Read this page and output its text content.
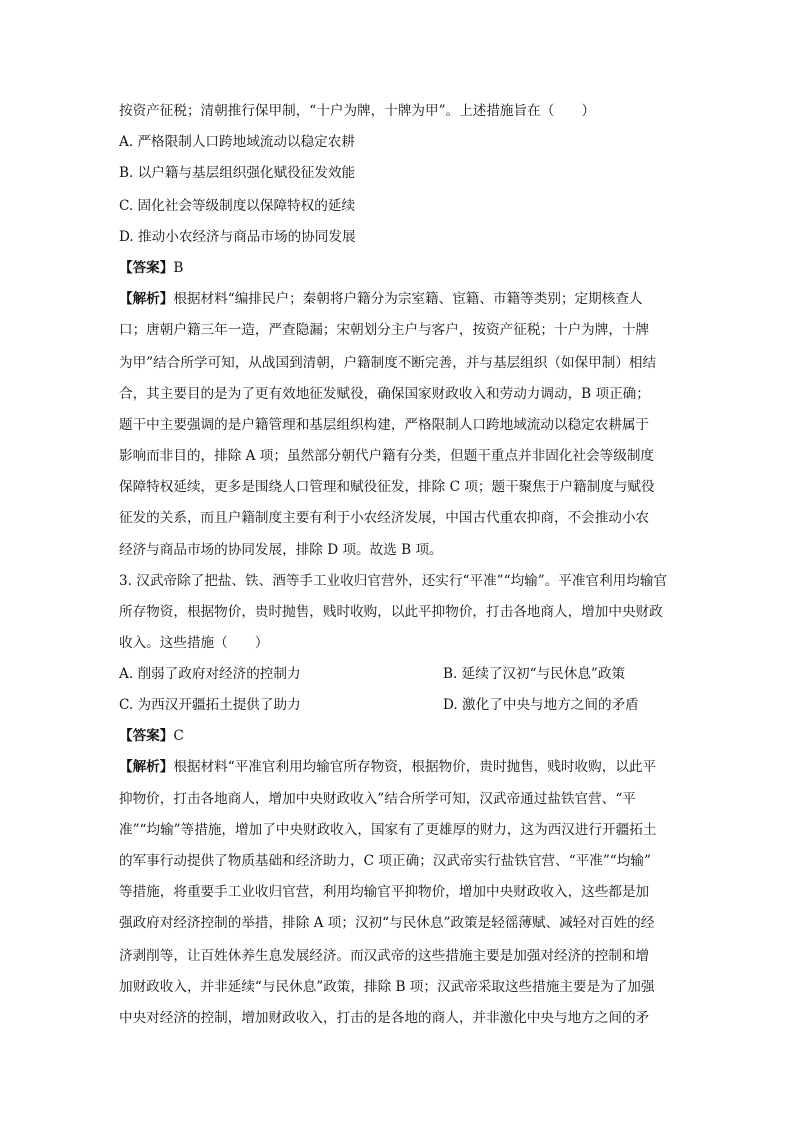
按资产征税；清朝推行保甲制，“十户为牌，十牌为甲”。上述措施旨在（　　）
A. 严格限制人口跨地域流动以稳定农耕
B. 以户籍与基层组织强化赋役征发效能
C. 固化社会等级制度以保障特权的延续
D. 推动小农经济与商品市场的协同发展
【答案】B
【解析】根据材料“编排民户；秦朝将户籍分为宗室籍、宦籍、市籍等类别；定期核查人
口；唐朝户籍三年一造，严查隐漏；宋朝划分主户与客户，按资产征税；十户为牌，十牌
为甲”结合所学可知，从战国到清朝，户籍制度不断完善，并与基层组织（如保甲制）相结
合，其主要目的是为了更有效地征发赋役，确保国家财政收入和劳动力调动，B 项正确；
题干中主要强调的是户籍管理和基层组织构建，严格限制人口跨地域流动以稳定农耕属于
影响而非目的，排除 A 项；虽然部分朝代户籍有分类，但题干重点并非固化社会等级制度
保障特权延续，更多是围绕人口管理和赋役征发，排除 C 项；题干聚焦于户籍制度与赋役
征发的关系，而且户籍制度主要有利于小农经济发展，中国古代重农抑商，不会推动小农
经济与商品市场的协同发展，排除 D 项。故选 B 项。
3. 汉武帝除了把盐、铁、酒等手工业收归官营外，还实行“平准”“均输”。平准官利用均输官
所存物资，根据物价，贵时抛售，贱时收购，以此平抑物价，打击各地商人，增加中央财政
收入。这些措施（　　）
A. 削弱了政府对经济的控制力	B. 延续了汉初“与民休息”政策
C. 为西汉开疆拓土提供了助力	D. 激化了中央与地方之间的矛盾
【答案】C
【解析】根据材料“平准官利用均输官所存物资，根据物价，贵时抛售，贱时收购，以此平
抑物价，打击各地商人，增加中央财政收入”结合所学可知，汉武帝通过盐铁官营、“平
准”“均输”等措施，增加了中央财政收入，国家有了更雄厚的财力，这为西汉进行开疆拓土
的军事行动提供了物质基础和经济助力，C 项正确；汉武帝实行盐铁官营、“平准”“均输”
等措施，将重要手工业收归官营，利用均输官平抑物价，增加中央财政收入，这些都是加
强政府对经济控制的举措，排除 A 项；汉初“与民休息”政策是轻徭薄赋、减轻对百姓的经
济剥削等，让百姓休养生息发展经济。而汉武帝的这些措施主要是加强对经济的控制和增
加财政收入，并非延续“与民休息”政策，排除 B 项；汉武帝采取这些措施主要是为了加强
中央对经济的控制，增加财政收入，打击的是各地的商人，并非激化中央与地方之间的矛
